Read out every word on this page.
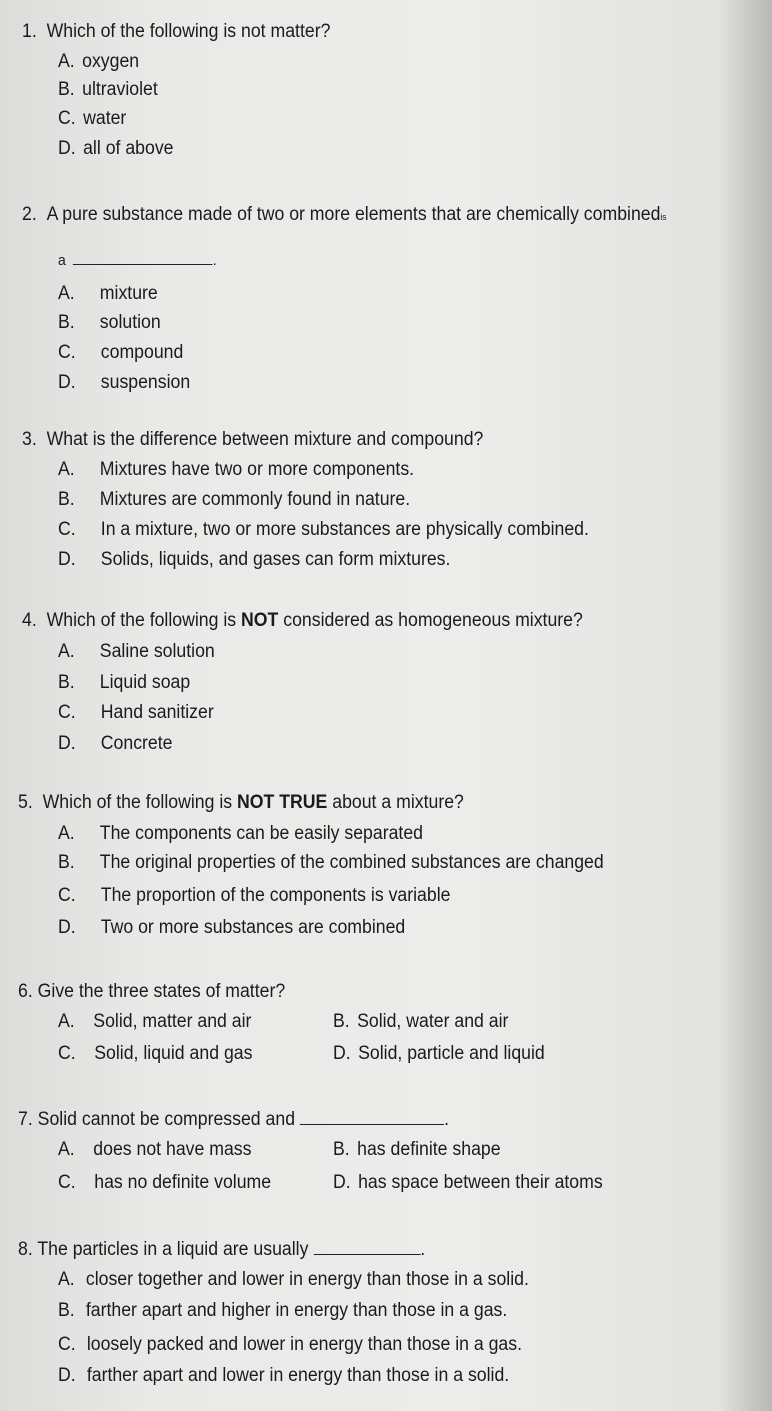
1. Which of the following is not matter?
A. oxygen
B. ultraviolet
C. water
D. all of above
2. A pure substance made of two or more elements that are chemically combinedis
a	.
A. mixture
B. solution
C. compound
D. suspension
3. What is the difference between mixture and compound?
A. Mixtures have two or more components.
B. Mixtures are commonly found in nature.
C. In a mixture, two or more substances are physically combined.
D. Solids, liquids, and gases can form mixtures.
4. Which of the following is NOT considered as homogeneous mixture?
A. Saline solution
B. Liquid soap
C. Hand sanitizer
D. Concrete
5. Which of the following is NOT TRUE about a mixture?
A. The components can be easily separated
B. The original properties of the combined substances are changed
C. The proportion of the components is variable
D. Two or more substances are combined
6. Give the three states of matter?
A. Solid, matter and air	B. Solid, water and air
C. Solid, liquid and gas	D. Solid, particle and liquid
7. Solid cannot be compressed and	.
A. does not have mass	B. has definite shape
C. has no definite volume	D. has space between their atoms
8. The particles in a liquid are usually	.
A. closer together and lower in energy than those in a solid.
B. farther apart and higher in energy than those in a gas.
C. loosely packed and lower in energy than those in a gas.
D. farther apart and lower in energy than those in a solid.
